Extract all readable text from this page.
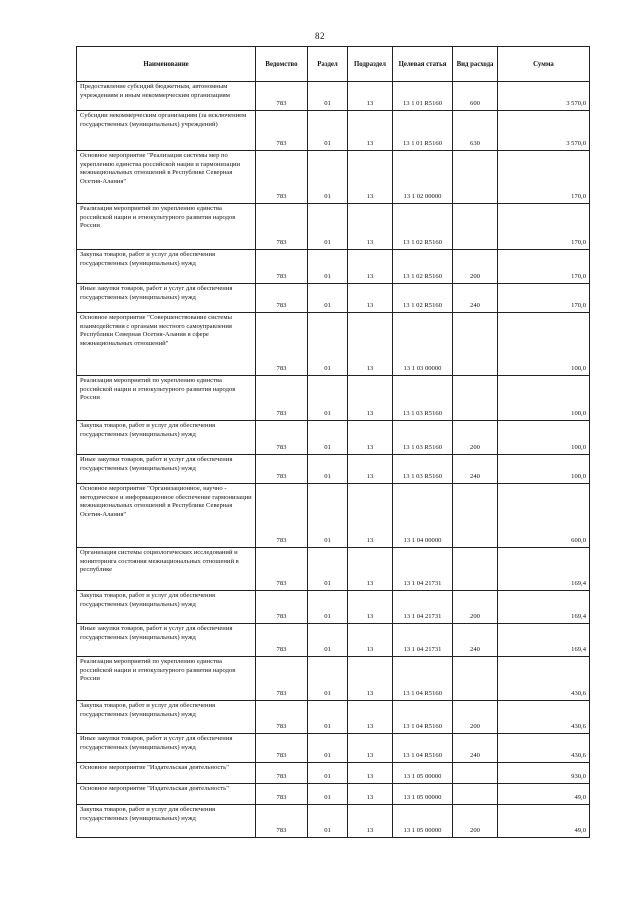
82
Наименование	Ведомство	Раздел	Подраздел	Целевая статья	Вид расхода	Сумма
Предоставление субсидий бюджетным, автономным учреждениям и иным некоммерческим организациям	783	01	13	13 1 01 R5160	600	3 570,0
Субсидии некоммерческим организациям (за исключением государственных (муниципальных) учреждений)	783	01	13	13 1 01 R5160	630	3 570,0
Основное мероприятие "Реализация системы мер по укреплению единства российской нации и гармонизации межнациональных отношений в Республике Северная Осетия-Алания"	783	01	13	13 1 02 00000		170,0
Реализация мероприятий по укреплению единства российской нации и этнокультурного развития народов России	783	01	13	13 1 02 R5160		170,0
Закупка товаров, работ и услуг для обеспечения государственных (муниципальных) нужд	783	01	13	13 1 02 R5160	200	170,0
Иные закупки товаров, работ и услуг для обеспечения государственных (муниципальных) нужд	783	01	13	13 1 02 R5160	240	170,0
Основное мероприятие "Совершенствование системы взаимодействия с органами местного самоуправления Республики Северная Осетия-Алания в сфере межнациональных отношений"	783	01	13	13 1 03 00000		100,0
Реализация мероприятий по укреплению единства российской нации и этнокультурного развития народов России	783	01	13	13 1 03 R5160		100,0
Закупка товаров, работ и услуг для обеспечения государственных (муниципальных) нужд	783	01	13	13 1 03 R5160	200	100,0
Иные закупки товаров, работ и услуг для обеспечения государственных (муниципальных) нужд	783	01	13	13 1 03 R5160	240	100,0
Основное мероприятие "Организационное, научно - методическое и информационное обеспечение гармонизации межнациональных отношений в Республике Северная Осетия-Алания"	783	01	13	13 1 04 00000		600,0
Организация системы социологических исследований и мониторинга состояния межнациональных отношений в республике	783	01	13	13 1 04 21731		169,4
Закупка товаров, работ и услуг для обеспечения государственных (муниципальных) нужд	783	01	13	13 1 04 21731	200	169,4
Иные закупки товаров, работ и услуг для обеспечения государственных (муниципальных) нужд	783	01	13	13 1 04 21731	240	169,4
Реализация мероприятий по укреплению единства российской нации и этнокультурного развития народов России	783	01	13	13 1 04 R5160		430,6
Закупка товаров, работ и услуг для обеспечения государственных (муниципальных) нужд	783	01	13	13 1 04 R5160	200	430,6
Иные закупки товаров, работ и услуг для обеспечения государственных (муниципальных) нужд	783	01	13	13 1 04 R5160	240	430,6
Основное мероприятие "Издательская деятельность"	783	01	13	13 1 05 00000		930,0
Основное мероприятие "Издательская деятельность"	783	01	13	13 1 05 00000		49,0
Закупка товаров, работ и услуг для обеспечения государственных (муниципальных) нужд	783	01	13	13 1 05 00000	200	49,0
